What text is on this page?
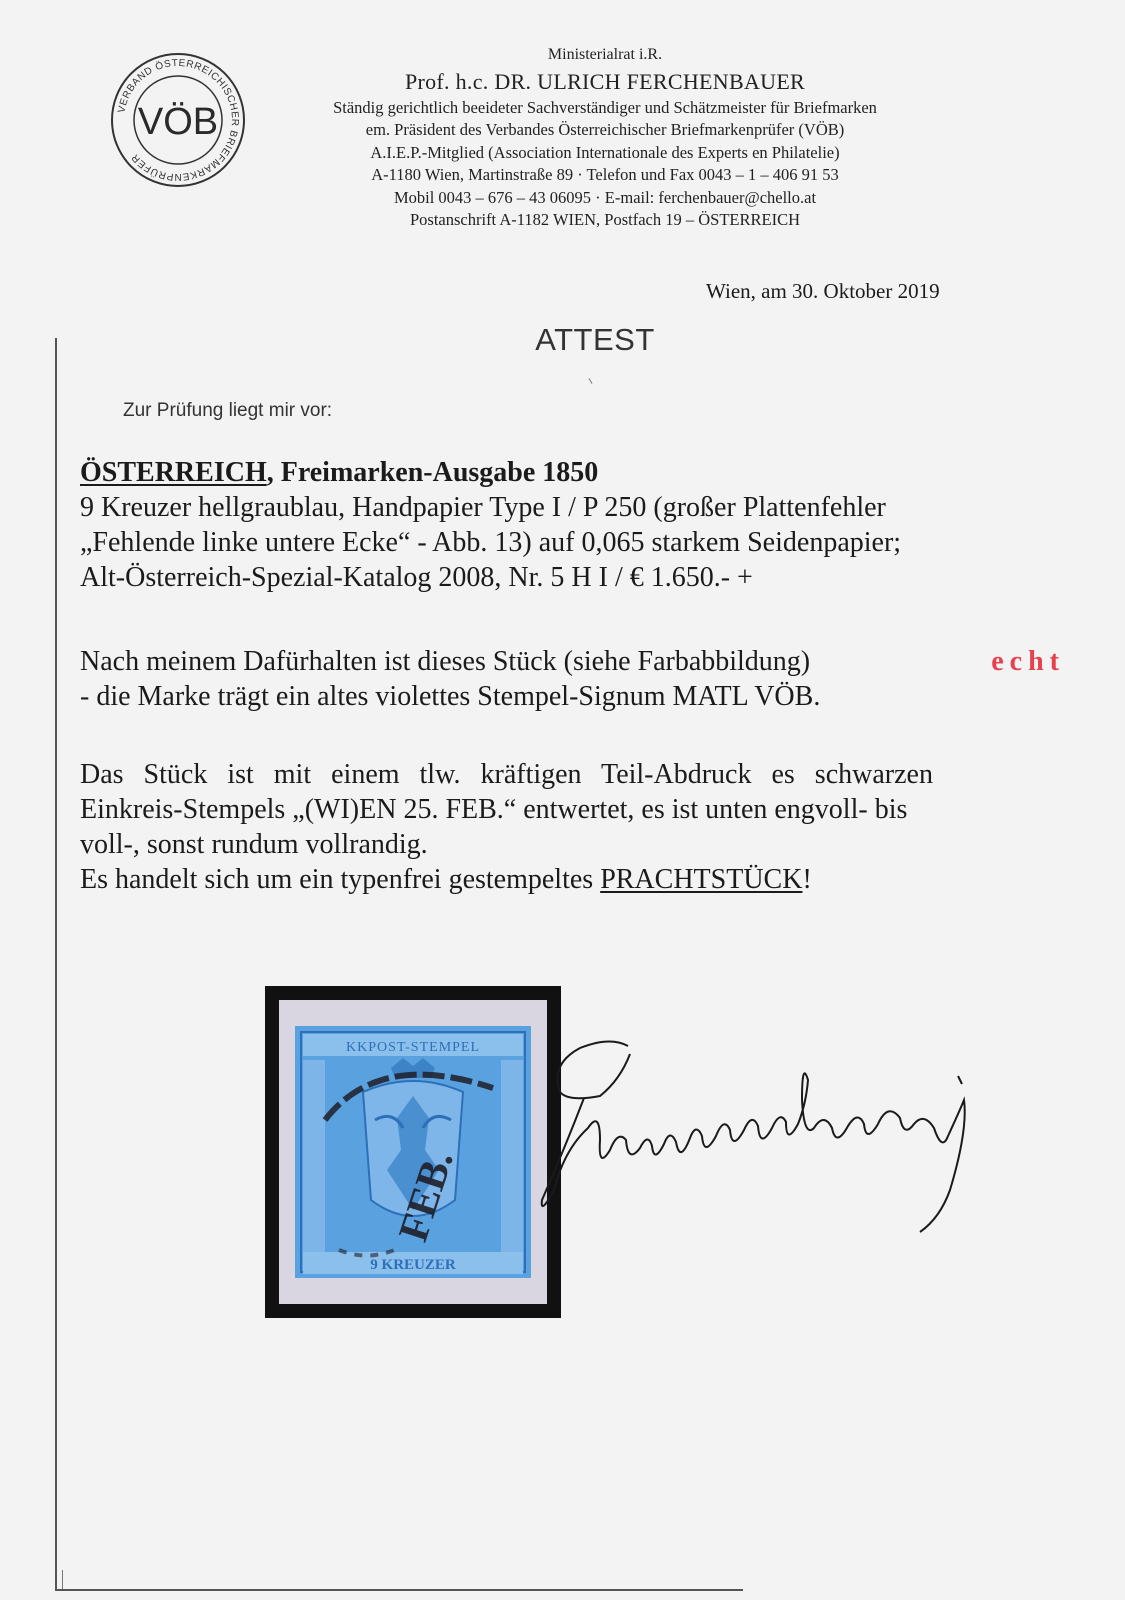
VERBAND ÖSTERREICHISCHER BRIEFMARKENPRÜFER
VÖB
Ministerialrat i.R.
Prof. h.c. DR. ULRICH FERCHENBAUER
Ständig gerichtlich beeideter Sachverständiger und Schätzmeister für Briefmarken
em. Präsident des Verbandes Österreichischer Briefmarkenprüfer (VÖB)
A.I.E.P.-Mitglied (Association Internationale des Experts en Philatelie)
A-1180 Wien, Martinstraße 89 · Telefon und Fax 0043 – 1 – 406 91 53
Mobil 0043 – 676 – 43 06095 · E-mail: ferchenbauer@chello.at
Postanschrift A-1182 WIEN, Postfach 19 – ÖSTERREICH
Wien, am 30. Oktober 2019
ATTEST
Zur Prüfung liegt mir vor:

ÖSTERREICH, Freimarken-Ausgabe 1850

9 Kreuzer hellgraublau, Handpapier Type I / P 250 (großer Plattenfehler

„Fehlende linke untere Ecke“ - Abb. 13) auf 0,065 starkem Seidenpapier;

Alt-Österreich-Spezial-Katalog 2008, Nr. 5 H I / € 1.650.- +

Nach meinem Dafürhalten ist dieses Stück (siehe Farbabbildung)	echt

- die Marke trägt ein altes violettes Stempel-Signum MATL VÖB.

Das Stück ist mit einem tlw. kräftigen Teil-Abdruck es schwarzen

Einkreis-Stempels „(WI)EN 25. FEB.“ entwertet, es ist unten engvoll- bis

voll-, sonst rundum vollrandig.

Es handelt sich um ein typenfrei gestempeltes PRACHTSTÜCK!

KKPOST-STEMPEL
9 KREUZER
FEB.
